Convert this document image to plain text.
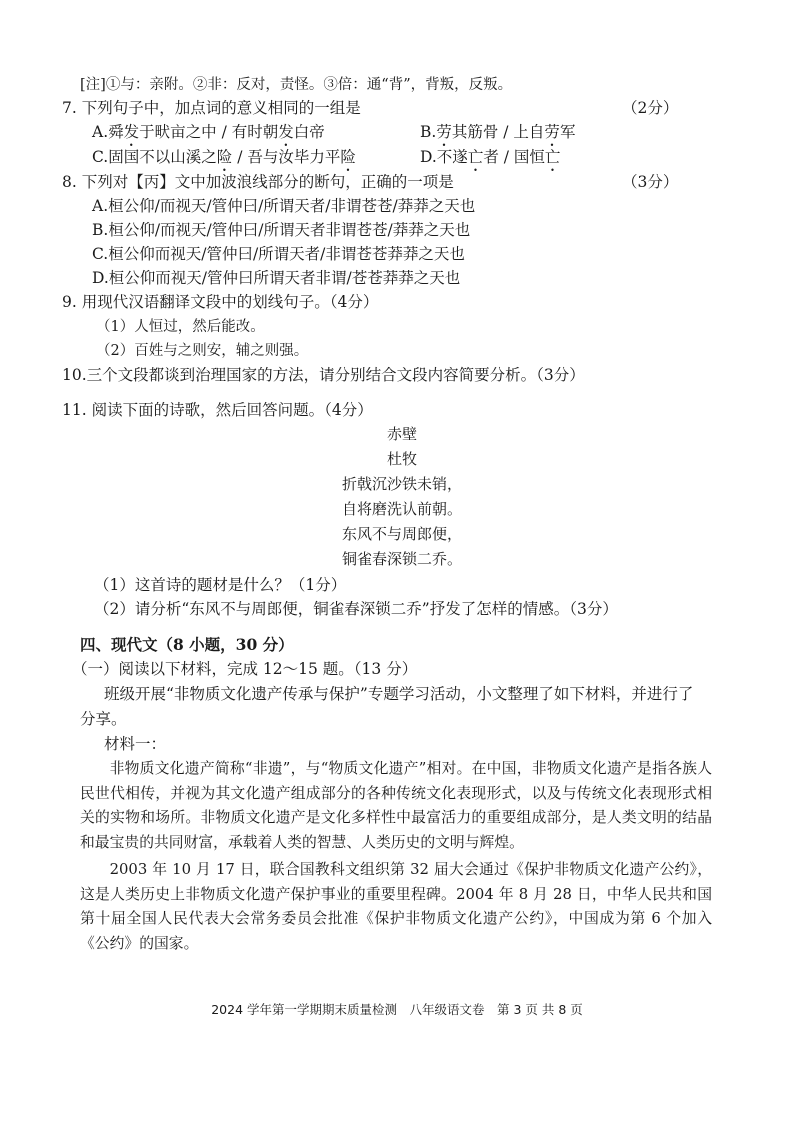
[注]①与：亲附。②非：反对，责怪。③倍：通“背”，背叛，反叛。
7. 下列句子中，加点词的意义相同的一组是	（2分）
A.舜发于畎亩之中 / 有时朝发白帝	B.劳其筋骨 / 上自劳军
C.固国不以山溪之险 / 吾与汝毕力平险	D.不遂亡者 / 国恒亡
8. 下列对【丙】文中加波浪线部分的断句，正确的一项是	（3分）
A.桓公仰/而视天/管仲曰/所谓天者/非谓苍苍/莽莽之天也
B.桓公仰/而视天/管仲曰/所谓天者非谓苍苍/莽莽之天也
C.桓公仰而视天/管仲曰/所谓天者/非谓苍苍莽莽之天也
D.桓公仰而视天/管仲曰所谓天者非谓/苍苍莽莽之天也
9. 用现代汉语翻译文段中的划线句子。（4分）
（1）人恒过，然后能改。
（2）百姓与之则安，辅之则强。
10.三个文段都谈到治理国家的方法，请分别结合文段内容简要分析。（3分）
11. 阅读下面的诗歌，然后回答问题。（4分）
赤壁
杜牧
折戟沉沙铁未销，
自将磨洗认前朝。
东风不与周郎便，
铜雀春深锁二乔。
（1）这首诗的题材是什么？（1分）
（2）请分析“东风不与周郎便，铜雀春深锁二乔”抒发了怎样的情感。（3分）
四、现代文（8 小题，30 分）
（一）阅读以下材料，完成 12～15 题。（13 分）
班级开展“非物质文化遗产传承与保护”专题学习活动，小文整理了如下材料，并进行了
分享。
材料一：
非物质文化遗产简称“非遗”，与“物质文化遗产”相对。在中国，非物质文化遗产是指各族人民世代相传，并视为其文化遗产组成部分的各种传统文化表现形式，以及与传统文化表现形式相关的实物和场所。非物质文化遗产是文化多样性中最富活力的重要组成部分，是人类文明的结晶和最宝贵的共同财富，承载着人类的智慧、人类历史的文明与辉煌。
2003 年 10 月 17 日，联合国教科文组织第 32 届大会通过《保护非物质文化遗产公约》，这是人类历史上非物质文化遗产保护事业的重要里程碑。2004 年 8 月 28 日，中华人民共和国第十届全国人民代表大会常务委员会批准《保护非物质文化遗产公约》，中国成为第 6 个加入《公约》的国家。
2024 学年第一学期期末质量检测　八年级语文卷　第 3 页 共 8 页
